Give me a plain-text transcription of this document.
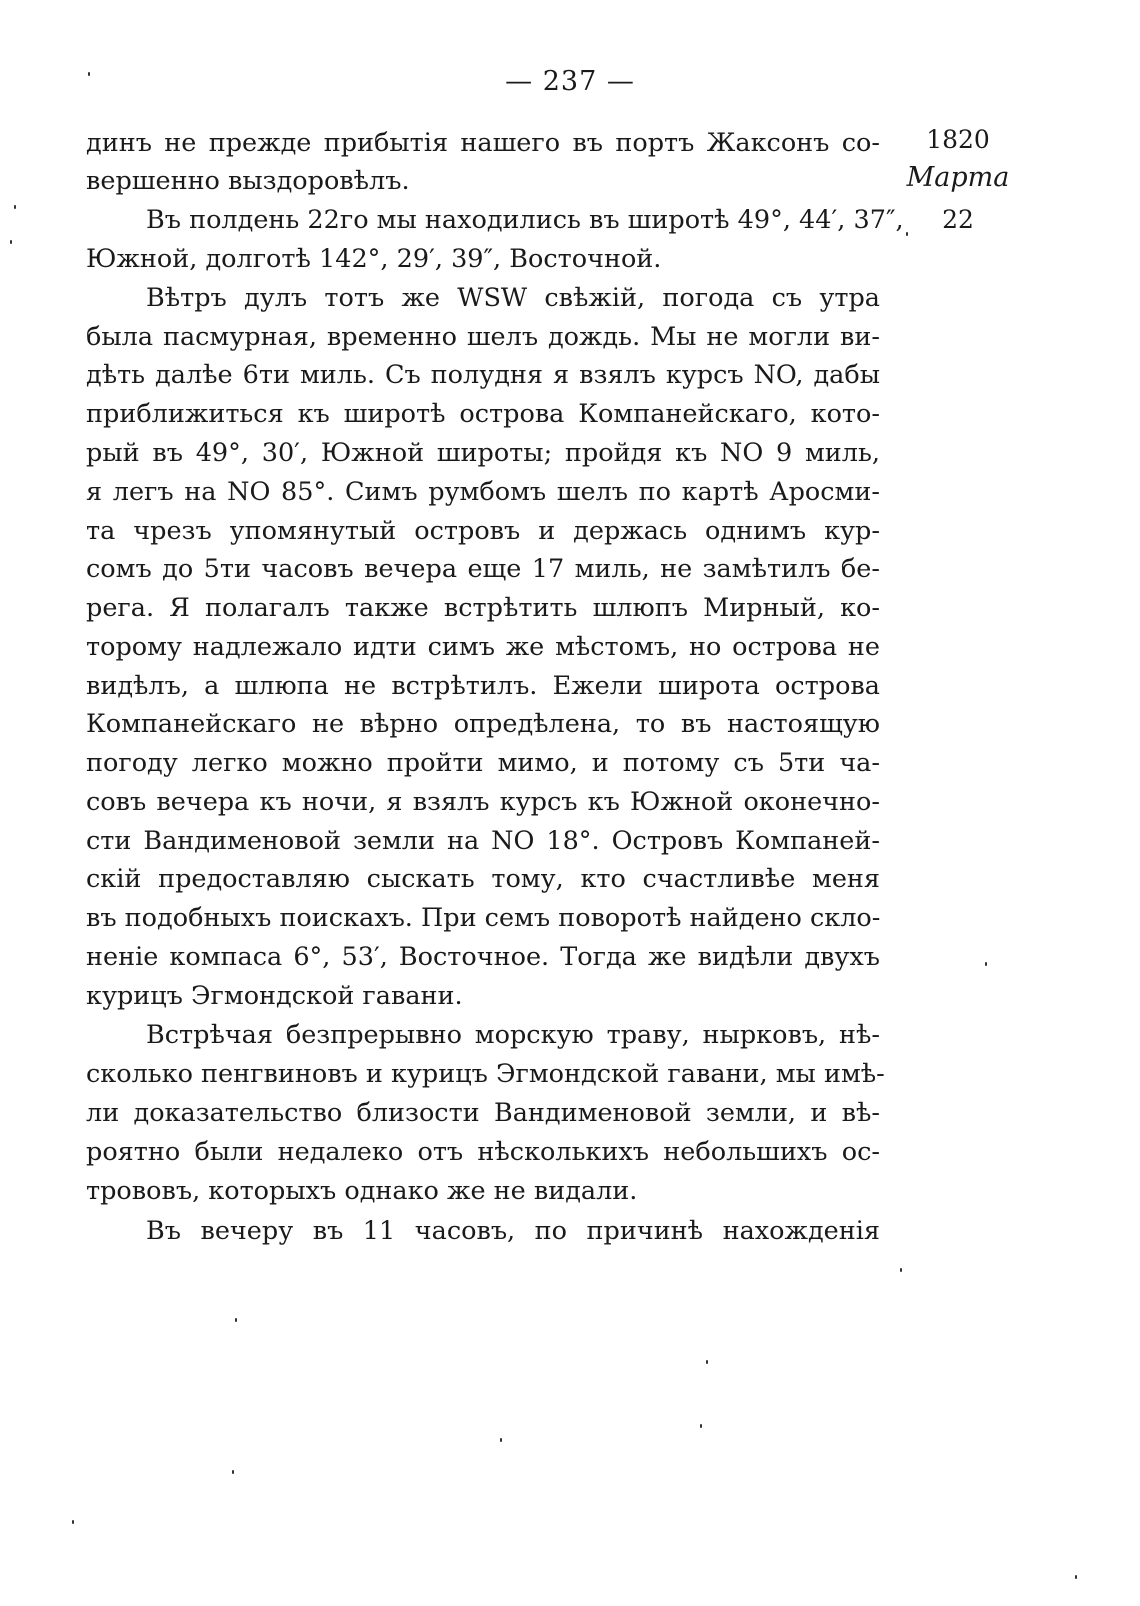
— 237 —
1820
Марта
22
динъ не прежде прибытія нашего въ портъ Жаксонъ со-
вершенно выздоровѣлъ.
Въ полдень 22го мы находились въ широтѣ 49°, 44′, 37″,
Южной, долготѣ 142°, 29′, 39″, Восточной.
Вѣтръ дулъ тотъ же WSW свѣжій, погода съ утра
была пасмурная, временно шелъ дождь. Мы не могли ви-
дѣть далѣе 6ти миль. Съ полудня я взялъ курсъ NO, дабы
приближиться къ широтѣ острова Компанейскаго, кото-
рый въ 49°, 30′, Южной широты; пройдя къ NO 9 миль,
я легъ на NO 85°. Симъ румбомъ шелъ по картѣ Аросми-
та чрезъ упомянутый островъ и держась однимъ кур-
сомъ до 5ти часовъ вечера еще 17 миль, не замѣтилъ бе-
рега. Я полагалъ также встрѣтить шлюпъ Мирный, ко-
торому надлежало идти симъ же мѣстомъ, но острова не
видѣлъ, а шлюпа не встрѣтилъ. Ежели широта острова
Компанейскаго не вѣрно опредѣлена, то въ настоящую
погоду легко можно пройти мимо, и потому съ 5ти ча-
совъ вечера къ ночи, я взялъ курсъ къ Южной оконечно-
сти Вандименовой земли на NO 18°. Островъ Компаней-
скій предоставляю сыскать тому, кто счастливѣе меня
въ подобныхъ поискахъ. При семъ поворотѣ найдено скло-
неніе компаса 6°, 53′, Восточное. Тогда же видѣли двухъ
курицъ Эгмондской гавани.
Встрѣчая безпрерывно морскую траву, нырковъ, нѣ-
сколько пенгвиновъ и курицъ Эгмондской гавани, мы имѣ-
ли доказательство близости Вандименовой земли, и вѣ-
роятно были недалеко отъ нѣсколькихъ небольшихъ ос-
трововъ, которыхъ однако же не видали.
Въ вечеру въ 11 часовъ, по причинѣ нахожденія
